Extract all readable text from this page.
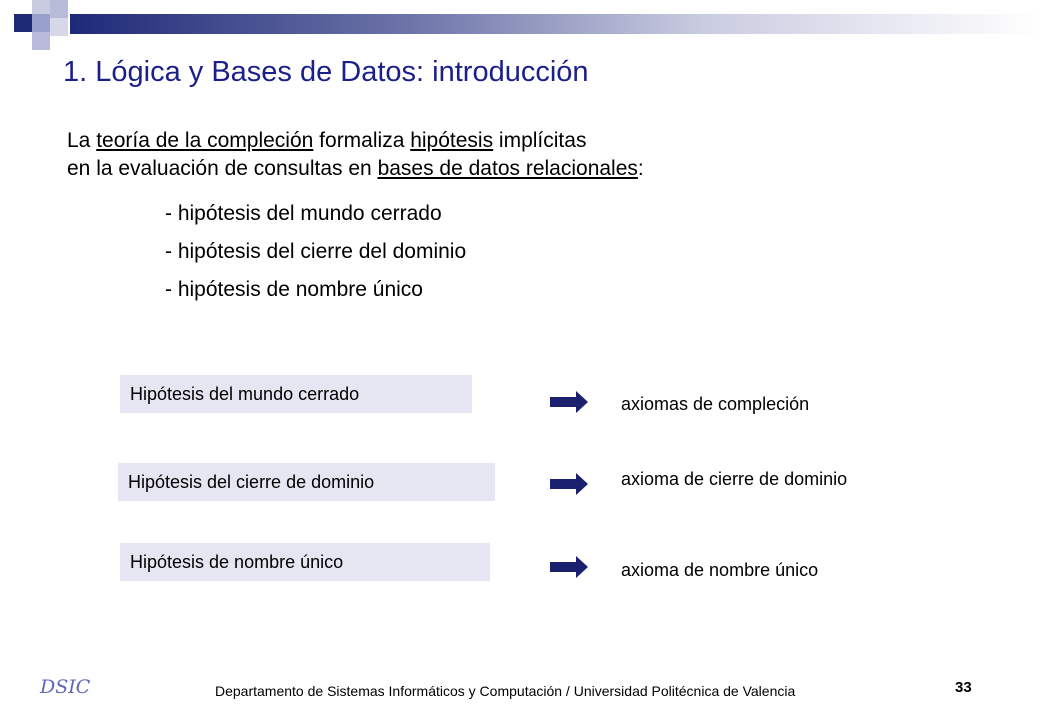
1. Lógica y Bases de Datos: introducción
La teoría de la compleción formaliza hipótesis implícitas
en la evaluación de consultas en bases de datos relacionales:
- hipótesis del mundo cerrado
- hipótesis del cierre del dominio
- hipótesis de nombre único
Hipótesis del mundo cerrado
Hipótesis del cierre de dominio
Hipótesis de nombre único
axiomas de compleción
axioma de cierre de dominio
axioma de nombre único
DSIC	Departamento de Sistemas Informáticos y Computación / Universidad Politécnica de Valencia	33
